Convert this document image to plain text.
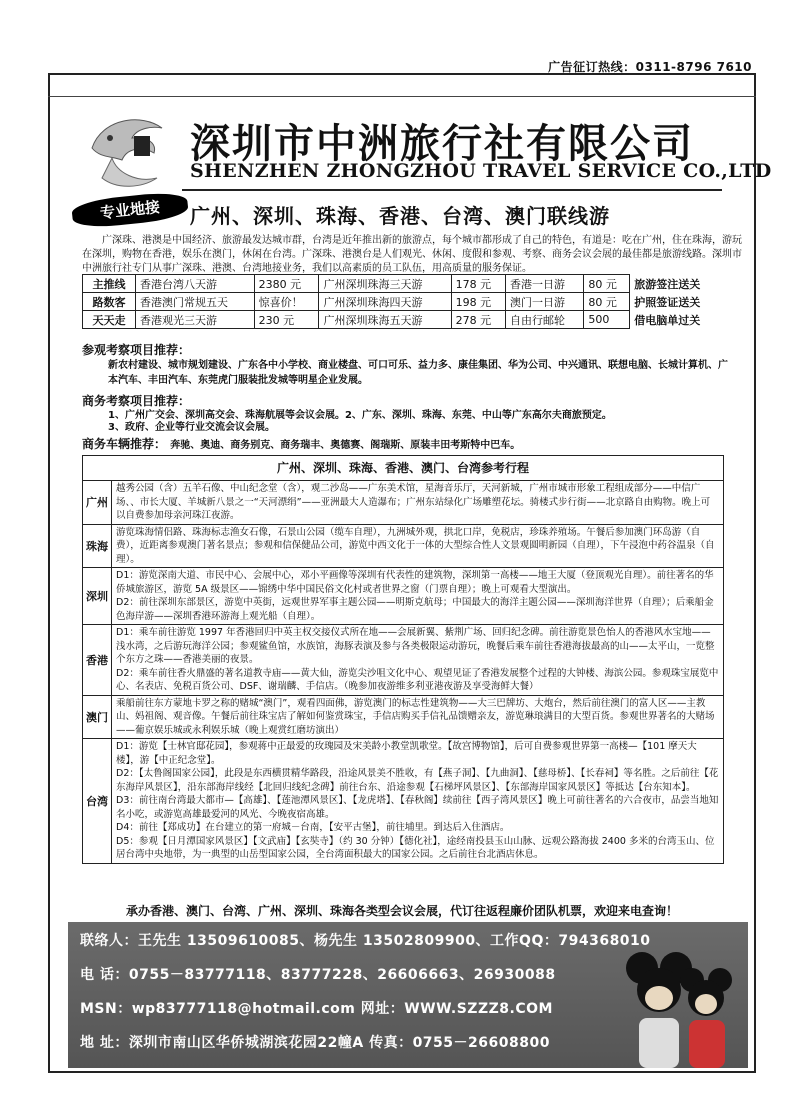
广告征订热线：0311-8796 7610
深圳市中洲旅行社有限公司
SHENZHEN ZHONGZHOU TRAVEL SERVICE CO.,LTD
专业地接	广州、深圳、珠海、香港、台湾、澳门联线游
广深珠、港澳是中国经济、旅游最发达城市群，台湾是近年推出新的旅游点，每个城市都形成了自己的特色，有道是：吃在广州，住在珠海，游玩在深圳，购物在香港，娱乐在澳门，休闲在台湾。广深珠、港澳台是人们观光、休闲、度假和参观、考察、商务会议会展的最佳都是旅游线路。深圳市中洲旅行社专门从事广深珠、港澳、台湾地接业务，我们以高素质的员工队伍，用高质量的服务保证。
主推线	香港台湾八天游	2380 元	广州深圳珠海三天游	178 元	香港一日游	80 元	旅游签注送关
路数客	香港澳门常规五天	惊喜价！	广州深圳珠海四天游	198 元	澳门一日游	80 元	护照签证送关
天天走	香港观光三天游	230 元	广州深圳珠海五天游	278 元	自由行邮轮	500	借电脑单过关
参观考察项目推荐：
新农村建设、城市规划建设、广东各中小学校、商业楼盘、可口可乐、益力多、康佳集团、华为公司、中兴通讯、联想电脑、长城计算机、广本汽车、丰田汽车、东莞虎门服装批发城等明星企业发展。
商务考察项目推荐：
1、广州广交会、深圳高交会、珠海航展等会议会展。2、广东、深圳、珠海、东莞、中山等广东高尔夫商旅预定。
3、政府、企业等行业交流会议会展。
商务车辆推荐： 奔驰、奥迪、商务别克、商务瑞丰、奥德赛、阁瑞斯、原装丰田考斯特中巴车。
广州、深圳、珠海、香港、澳门、台湾参考行程
广州

越秀公园（含）五羊石像、中山纪念堂（含），观二沙岛——广东美术馆，星海音乐厅，天河新城，广州市城市形象工程组成部分——中信广场、、市长大厦、羊城新八景之一“天河漂绢”——亚洲最大人造瀑布；广州东站绿化广场雕塑花坛。骑楼式步行街——北京路自由购物。晚上可以自费参加母亲河珠江夜游。

珠海

游览珠海情侣路、珠海标志渔女石像，石景山公园（缆车自理），九洲城外观，拱北口岸，免税店，珍珠养殖场。午餐后参加澳门环岛游（自费），近距离参观澳门著名景点；参观和信保健品公司，游览中西文化于一体的大型综合性人文景观圆明新园（自理），下午浸泡中药谷温泉（自理）。

深圳

D1：游览深南大道、市民中心、会展中心，邓小平画像等深圳有代表性的建筑物，深圳第一高楼——地王大厦（登顶观光自理）。前往著名的华侨城旅游区，游览 5A 级景区——锦绣中华中国民俗文化村或者世界之窗（门票自理）；晚上可观看大型演出。

D2：前往深圳东部景区，游览中英街，远观世界军事主题公园——明斯克航母；中国最大的海洋主题公园——深圳海洋世界（自理）；后乘船金色海岸游——深圳香港环游海上观光船（自理）。

香港

D1：乘车前往游览 1997 年香港回归中英主权交接仪式所在地——会展新翼、紫荆广场、回归纪念碑。前往游览景色怡人的香港风水宝地——浅水湾，之后游玩海洋公园；参观鲨鱼馆，水族馆，海豚表演及参与各类极限运动游玩，晚餐后乘车前往香港海拔最高的山——太平山，一览整个东方之珠——香港美丽的夜景。

D2：乘车前往香火鼎盛的著名道教寺庙——黄大仙，游览尖沙咀文化中心、观望见证了香港发展整个过程的大钟楼、海滨公园。参观珠宝展览中心、名表店、免税百货公司、DSF、谢瑞麟、手信店。（晚参加夜游维多利亚港夜游及享受海鲜大餐）

澳门

乘船前往东方蒙地卡罗之称的赌城“澳门”，观看四面佛，游览澳门的标志性建筑物——大三巴牌坊、大炮台，然后前往澳门的富人区——主教山、妈祖阁、观音像。午餐后前往珠宝店了解如何鉴赏珠宝，手信店购买手信礼品馈赠亲友，游览琳琅满目的大型百货。参观世界著名的大赌场——葡京娱乐城或永利娱乐城（晚上观赏红磨坊演出）

台湾

D1：游览【士林官邸花园】，参观蒋中正最爱的玫瑰园及宋美龄小教堂凯歌堂。【故宫博物馆】，后可自费参观世界第一高楼—【101 摩天大楼】，游【中正纪念堂】。

D2：【太鲁阁国家公园】，此段是东西横贯精华路段，沿途风景美不胜收，有【燕子洞】、【九曲洞】、【慈母桥】、【长春祠】等名胜。之后前往【花东海岸风景区】，沿东部海岸线经【北回归线纪念碑】前往台东、沿途参观【石梯坪风景区】、【东部海岸国家风景区】等抵达【台东知本】。

D3：前往南台湾最大都市—【高雄】、【莲池潭风景区】、【龙虎塔】、【春秋阁】续前往【西子湾风景区】晚上可前往著名的六合夜市，品尝当地知名小吃，或游览高雄最爱河的风光、今晚夜宿高雄。

D4：前往【郑成功】在台建立的第一府城－台南，【安平古堡】，前往埔里。到达后入住酒店。

D5：参观【日月潭国家风景区】【文武庙】【玄奘寺】（约 30 分钟）【德化社】，途经南投县玉山山脉、远观公路海拔 2400 多米的台湾玉山、位居台湾中央地带，为一典型的山岳型国家公园，全台湾面积最大的国家公园。之后前往台北酒店休息。

承办香港、澳门、台湾、广州、深圳、珠海各类型会议会展，代订往返程廉价团队机票，欢迎来电查询！
联络人：王先生 13509610085、杨先生 13502809900、工作QQ：794368010
电 话：0755－83777118、83777228、26606663、26930088
MSN：wp83777118@hotmail.com 网址：WWW.SZZZ8.COM
地 址：深圳市南山区华侨城湖滨花园22幢A 传真：0755－26608800
